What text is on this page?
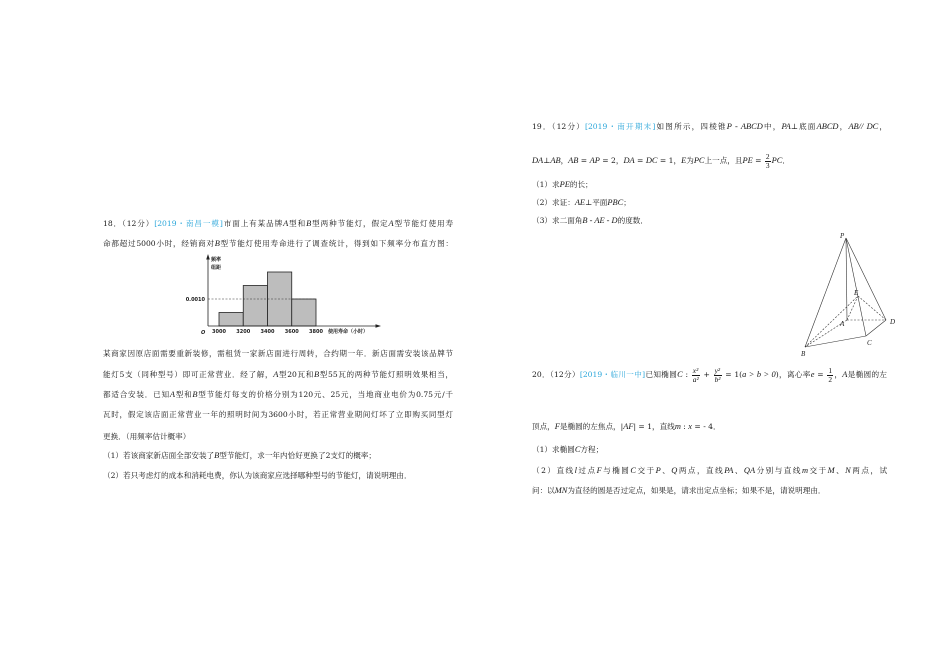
18．（12分）[2019・南昌一模]市面上有某品牌A型和B型两种节能灯，假定A型节能灯使用寿
命都超过5000小时，经销商对B型节能灯使用寿命进行了调查统计，得到如下频率分布直方图：
频率
组距
O	使用寿命（小时）
3000 3200 3400 3600 3800
0.0010
某商家因原店面需要重新装修，需租赁一家新店面进行周转，合约期一年．新店面需安装该品牌节
能灯5支（同种型号）即可正常营业．经了解，A型20瓦和B型55瓦的两种节能灯照明效果相当，
都适合安装．已知A型和B型节能灯每支的价格分别为120元、25元，当地商业电价为0.75元/千
瓦时，假定该店面正常营业一年的照明时间为3600小时，若正常营业期间灯坏了立即购买同型灯
更换．（用频率估计概率）
（1）若该商家新店面全部安装了B型节能灯，求一年内恰好更换了2支灯的概率；
（2）若只考虑灯的成本和消耗电费，你认为该商家应选择哪种型号的节能灯，请说明理由．
19．（12分）[2019・南开期末]如图所示，四棱锥P - ABCD中，PA⊥底面ABCD，AB// DC，
DA⊥AB，AB = AP = 2，DA = DC = 1，E为PC上一点，且PE = $\frac{2}{3}$ PC．
（1）求PE的长；
（2）求证：AE⊥平面PBC；
（3）求二面角B - AE - D的度数．
P
A
B
C
D
E
20．（12分）[2019・临川一中]已知椭圆C : $\frac{\text{x²}}{\text{a²}} + \frac{\text{y²}}{\text{b²}} = 1(a > b > 0)$，离心率$e = \frac{1}{2}$ ，A是椭圆的左
顶点，F是椭圆的左焦点，|AF| = 1，直线m : x = - 4．
（1）求椭圆C方程；
（2）直线l过点F与椭圆C交于P、Q两点，直线PA、QA分别与直线m交于M、N两点，试
问：以MN为直径的圆是否过定点，如果是，请求出定点坐标；如果不是，请说明理由．
